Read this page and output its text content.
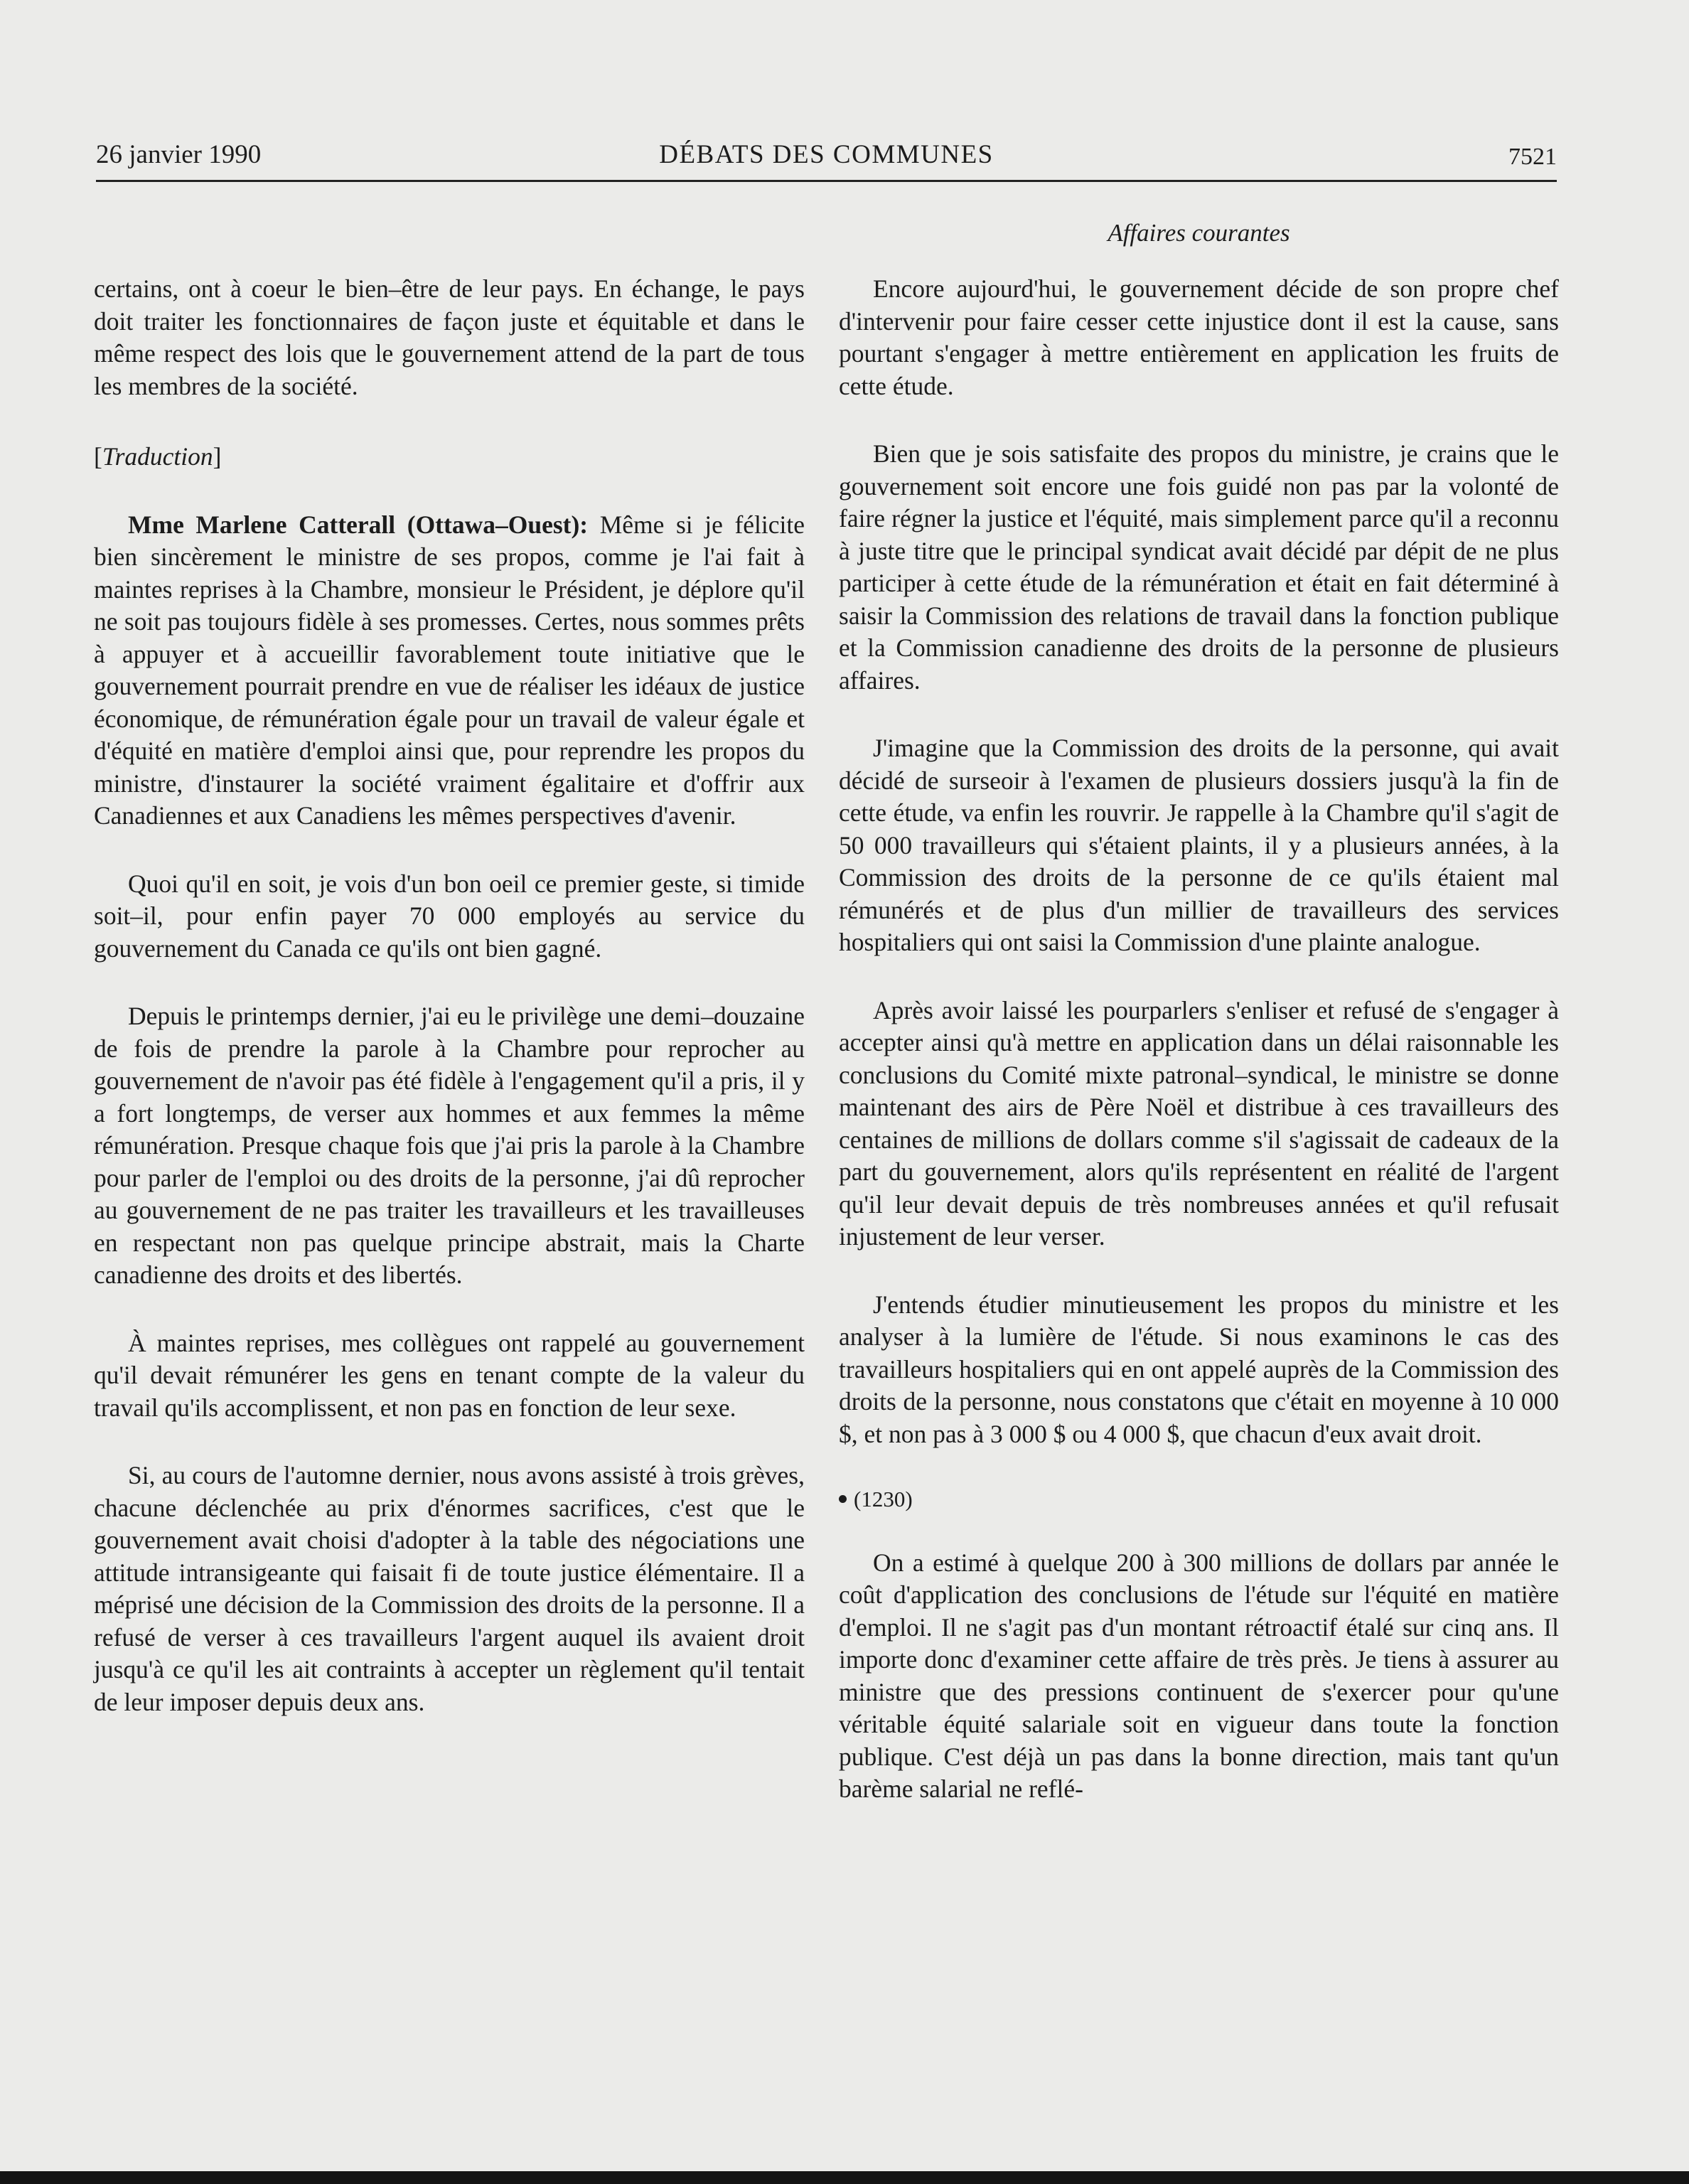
26 janvier 1990	DÉBATS DES COMMUNES	7521
Affaires courantes

certains, ont à coeur le bien–être de leur pays. En échange, le pays doit traiter les fonctionnaires de façon juste et équitable et dans le même respect des lois que le gouvernement attend de la part de tous les membres de la société.

[Traduction]

Mme Marlene Catterall (Ottawa–Ouest): Même si je félicite bien sincèrement le ministre de ses propos, comme je l'ai fait à maintes reprises à la Chambre, monsieur le Président, je déplore qu'il ne soit pas toujours fidèle à ses promesses. Certes, nous sommes prêts à appuyer et à accueillir favorablement toute initiative que le gouvernement pourrait prendre en vue de réaliser les idéaux de justice économique, de rémunération égale pour un travail de valeur égale et d'équité en matière d'emploi ainsi que, pour reprendre les propos du ministre, d'instaurer la société vraiment égalitaire et d'offrir aux Canadiennes et aux Canadiens les mêmes perspectives d'avenir.

Quoi qu'il en soit, je vois d'un bon oeil ce premier geste, si timide soit–il, pour enfin payer 70 000 employés au service du gouvernement du Canada ce qu'ils ont bien gagné.

Depuis le printemps dernier, j'ai eu le privilège une demi–douzaine de fois de prendre la parole à la Chambre pour reprocher au gouvernement de n'avoir pas été fidèle à l'engagement qu'il a pris, il y a fort longtemps, de verser aux hommes et aux femmes la même rémunération. Presque chaque fois que j'ai pris la parole à la Chambre pour parler de l'emploi ou des droits de la personne, j'ai dû reprocher au gouvernement de ne pas traiter les travailleurs et les travailleuses en respectant non pas quelque principe abstrait, mais la Charte canadienne des droits et des libertés.

À maintes reprises, mes collègues ont rappelé au gouvernement qu'il devait rémunérer les gens en tenant compte de la valeur du travail qu'ils accomplissent, et non pas en fonction de leur sexe.

Si, au cours de l'automne dernier, nous avons assisté à trois grèves, chacune déclenchée au prix d'énormes sacrifices, c'est que le gouvernement avait choisi d'adopter à la table des négociations une attitude intransigeante qui faisait fi de toute justice élémentaire. Il a méprisé une décision de la Commission des droits de la personne. Il a refusé de verser à ces travailleurs l'argent auquel ils avaient droit jusqu'à ce qu'il les ait contraints à accepter un règlement qu'il tentait de leur imposer depuis deux ans.

Encore aujourd'hui, le gouvernement décide de son propre chef d'intervenir pour faire cesser cette injustice dont il est la cause, sans pourtant s'engager à mettre entièrement en application les fruits de cette étude.

Bien que je sois satisfaite des propos du ministre, je crains que le gouvernement soit encore une fois guidé non pas par la volonté de faire régner la justice et l'équité, mais simplement parce qu'il a reconnu à juste titre que le principal syndicat avait décidé par dépit de ne plus participer à cette étude de la rémunération et était en fait déterminé à saisir la Commission des relations de travail dans la fonction publique et la Commission canadienne des droits de la personne de plusieurs affaires.

J'imagine que la Commission des droits de la personne, qui avait décidé de surseoir à l'examen de plusieurs dossiers jusqu'à la fin de cette étude, va enfin les rouvrir. Je rappelle à la Chambre qu'il s'agit de 50 000 travailleurs qui s'étaient plaints, il y a plusieurs années, à la Commission des droits de la personne de ce qu'ils étaient mal rémunérés et de plus d'un millier de travailleurs des services hospitaliers qui ont saisi la Commission d'une plainte analogue.

Après avoir laissé les pourparlers s'enliser et refusé de s'engager à accepter ainsi qu'à mettre en application dans un délai raisonnable les conclusions du Comité mixte patronal–syndical, le ministre se donne maintenant des airs de Père Noël et distribue à ces travailleurs des centaines de millions de dollars comme s'il s'agissait de cadeaux de la part du gouvernement, alors qu'ils représentent en réalité de l'argent qu'il leur devait depuis de très nombreuses années et qu'il refusait injustement de leur verser.

J'entends étudier minutieusement les propos du ministre et les analyser à la lumière de l'étude. Si nous examinons le cas des travailleurs hospitaliers qui en ont appelé auprès de la Commission des droits de la personne, nous constatons que c'était en moyenne à 10 000 $, et non pas à 3 000 $ ou 4 000 $, que chacun d'eux avait droit.

(1230)

On a estimé à quelque 200 à 300 millions de dollars par année le coût d'application des conclusions de l'étude sur l'équité en matière d'emploi. Il ne s'agit pas d'un montant rétroactif étalé sur cinq ans. Il importe donc d'examiner cette affaire de très près. Je tiens à assurer au ministre que des pressions continuent de s'exercer pour qu'une véritable équité salariale soit en vigueur dans toute la fonction publique. C'est déjà un pas dans la bonne direction, mais tant qu'un barème salarial ne reflé-
